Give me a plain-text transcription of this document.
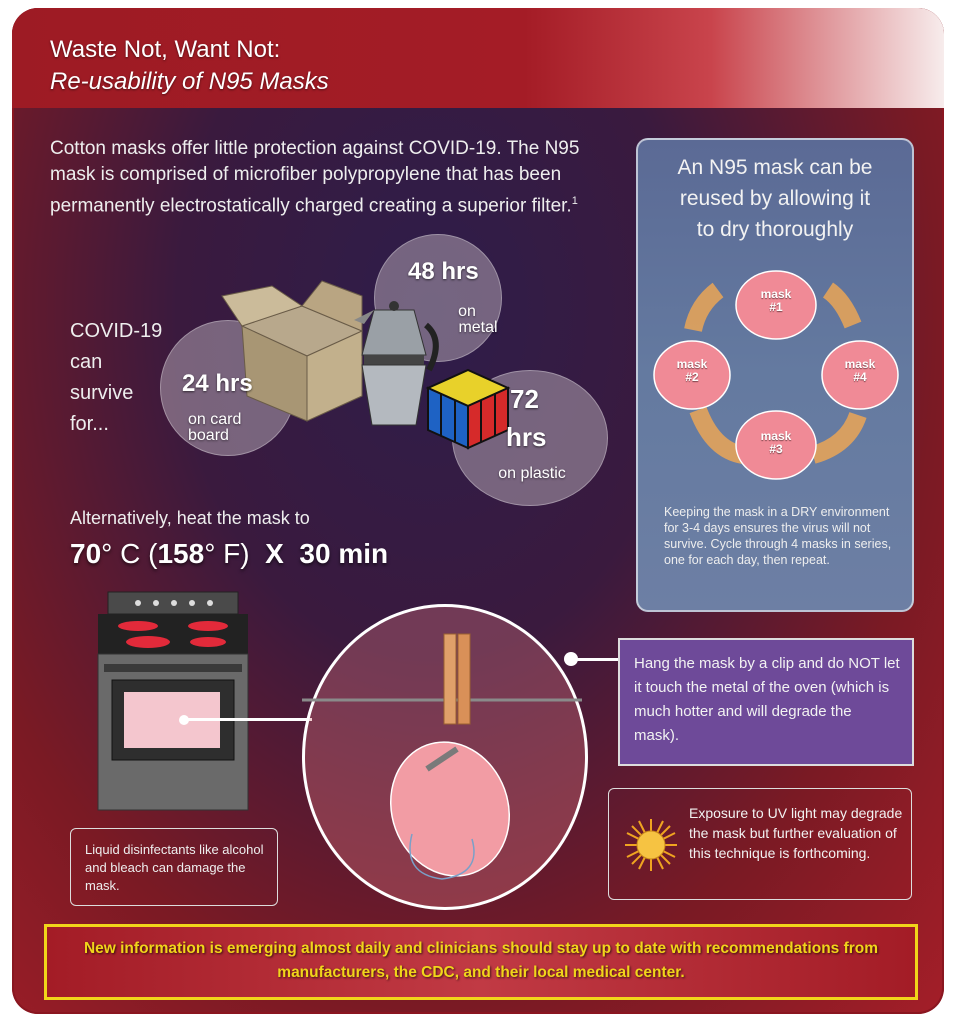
Waste Not, Want Not:
Re-usability of N95 Masks
Cotton masks offer little protection against COVID-19. The N95 mask is comprised of microfiber polypropylene that has been permanently electrostatically charged creating a superior filter.$^1$
COVID-19
can
survive
for...
48 hrs
on
metal
24 hrs
on card
board
72
hrs
on plastic
Alternatively, heat the mask to
70° C (158° F) X 30 min
An N95 mask can be
reused by allowing it
to dry thoroughly
mask
#1
mask
#2
mask
#4
mask
#3
Keeping the mask in a DRY environment for 3-4 days ensures the virus will not survive. Cycle through 4 masks in series, one for each day, then repeat.
Hang the mask by a clip and do NOT let it touch the metal of the oven (which is much hotter and will degrade the mask).
Exposure to UV light may degrade the mask but further evaluation of this technique is forthcoming.
Liquid disinfectants like alcohol and bleach can damage the mask.
New information is emerging almost daily and clinicians should stay up to date with recommendations from manufacturers, the CDC, and their local medical center.
